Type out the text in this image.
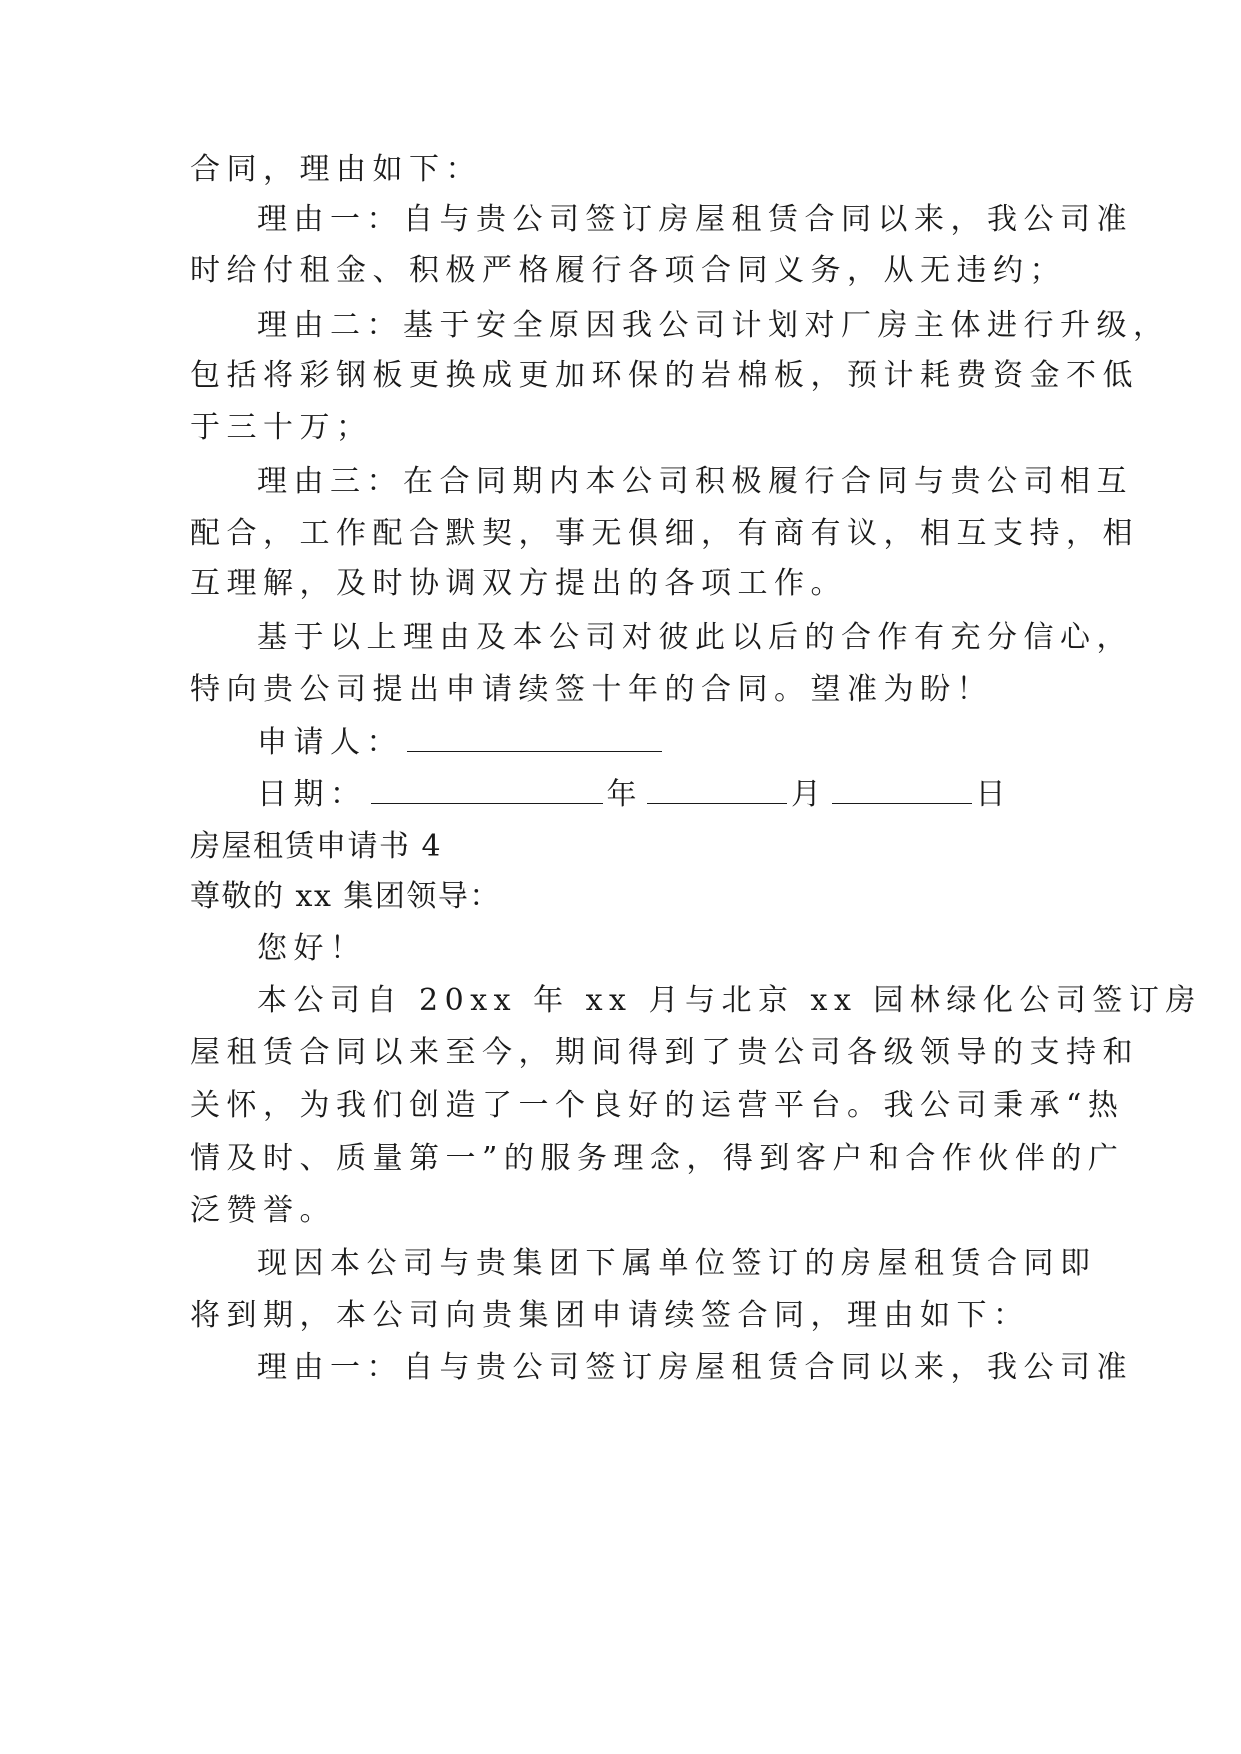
合同，理由如下：
理由一：自与贵公司签订房屋租赁合同以来，我公司准
时给付租金、积极严格履行各项合同义务，从无违约；
理由二：基于安全原因我公司计划对厂房主体进行升级，
包括将彩钢板更换成更加环保的岩棉板，预计耗费资金不低
于三十万；
理由三：在合同期内本公司积极履行合同与贵公司相互
配合，工作配合默契，事无俱细，有商有议，相互支持，相
互理解，及时协调双方提出的各项工作。
基于以上理由及本公司对彼此以后的合作有充分信心，
特向贵公司提出申请续签十年的合同。望准为盼！
申请人：
日期：	年	月	日
房屋租赁申请书 4
尊敬的 xx 集团领导：
您好！
本公司自 20xx 年 xx 月与北京 xx 园林绿化公司签订房
屋租赁合同以来至今，期间得到了贵公司各级领导的支持和
关怀，为我们创造了一个良好的运营平台。我公司秉承“热
情及时、质量第一”的服务理念，得到客户和合作伙伴的广
泛赞誉。
现因本公司与贵集团下属单位签订的房屋租赁合同即
将到期，本公司向贵集团申请续签合同，理由如下：
理由一：自与贵公司签订房屋租赁合同以来，我公司准
